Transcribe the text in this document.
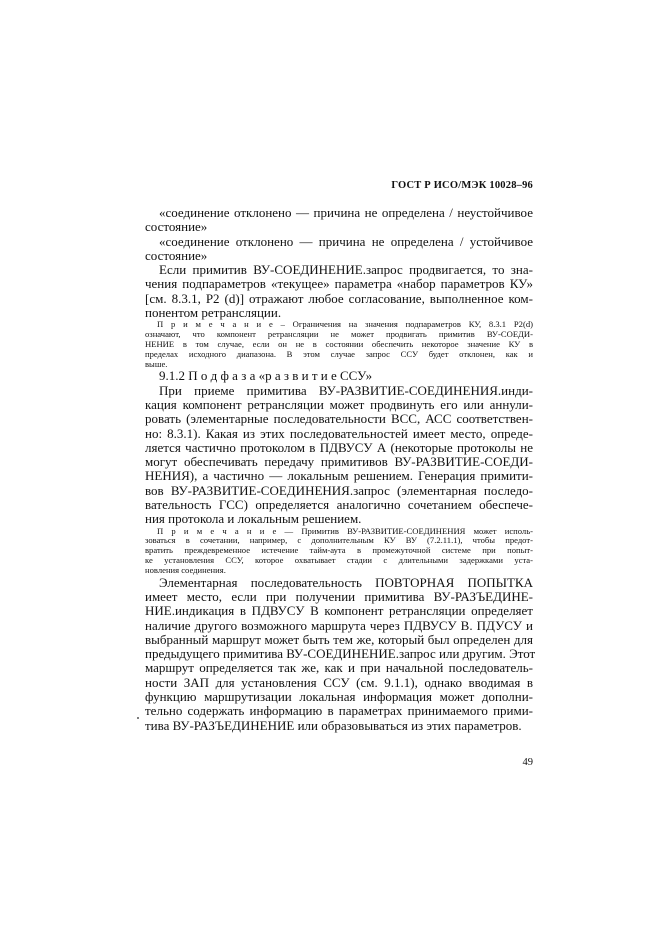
ГОСТ Р ИСО/МЭК 10028–96
«соединение отклонено — причина не определена / неустойчивое
состояние»
«соединение отклонено — причина не определена / устойчивое
состояние»
Если примитив ВУ-СОЕДИНЕНИЕ.запрос продвигается, то зна-
чения подпараметров «текущее» параметра «набор параметров КУ»
[см. 8.3.1, P2 (d)] отражают любое согласование, выполненное ком-
понентом ретрансляции.
П р и м е ч а н и е – Ограничения на значения подпараметров КУ, 8.3.1 P2(d)
означают, что компонент ретрансляции не может продвигать примитив ВУ-СОЕДИ-
НЕНИЕ в том случае, если он не в состоянии обеспечить некоторое значение КУ в
пределах исходного диапазона. В этом случае запрос ССУ будет отклонен, как и
выше.
9.1.2 П о д ф а з а «р а з в и т и е ССУ»
При приеме примитива ВУ-РАЗВИТИЕ-СОЕДИНЕНИЯ.инди-
кация компонент ретрансляции может продвинуть его или аннули-
ровать (элементарные последовательности ВСС, АСС соответствен-
но: 8.3.1). Какая из этих последовательностей имеет место, опреде-
ляется частично протоколом в ПДВУСУ А (некоторые протоколы не
могут обеспечивать передачу примитивов ВУ-РАЗВИТИЕ-СОЕДИ-
НЕНИЯ), а частично — локальным решением. Генерация примити-
вов ВУ-РАЗВИТИЕ-СОЕДИНЕНИЯ.запрос (элементарная последо-
вательность ГСС) определяется аналогично сочетанием обеспече-
ния протокола и локальным решением.
П р и м е ч а н и е — Примитив ВУ-РАЗВИТИЕ-СОЕДИНЕНИЯ может исполь-
зоваться в сочетании, например, с дополнительным КУ ВУ (7.2.11.1), чтобы предот-
вратить преждевременное истечение тайм-аута в промежуточной системе при попыт-
ке установления ССУ, которое охватывает стадии с длительными задержками уста-
новления соединения.
Элементарная последовательность ПОВТОРНАЯ ПОПЫТКА
имеет место, если при получении примитива ВУ-РАЗЪЕДИНЕ-
НИЕ.индикация в ПДВУСУ В компонент ретрансляции определяет
наличие другого возможного маршрута через ПДВУСУ В. ПДУСУ и
выбранный маршрут может быть тем же, который был определен для
предыдущего примитива ВУ-СОЕДИНЕНИЕ.запрос или другим. Этот
маршрут определяется так же, как и при начальной последователь-
ности ЗАП для установления ССУ (см. 9.1.1), однако вводимая в
функцию маршрутизации локальная информация может дополни-
тельно содержать информацию в параметрах принимаемого прими-
тива ВУ-РАЗЪЕДИНЕНИЕ или образовываться из этих параметров.
49
